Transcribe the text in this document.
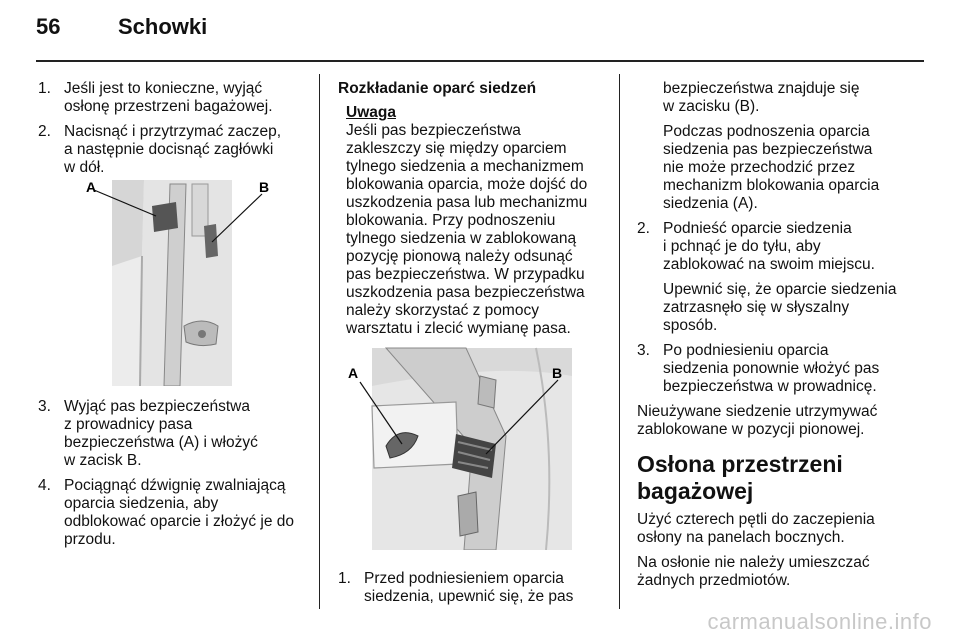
56	Schowki
1. Jeśli jest to konieczne, wyjąć
osłonę przestrzeni bagażowej.
2. Nacisnąć i przytrzymać zaczep,
a następnie docisnąć zagłówki
w dół.
A	B
3. Wyjąć pas bezpieczeństwa
z prowadnicy pasa
bezpieczeństwa (A) i włożyć
w zacisk B.
4. Pociągnąć dźwignię zwalniającą
oparcia siedzenia, aby
odblokować oparcie i złożyć je do
przodu.
Rozkładanie oparć siedzeń
Uwaga
Jeśli pas bezpieczeństwa
zakleszczy się między oparciem
tylnego siedzenia a mechanizmem
blokowania oparcia, może dojść do
uszkodzenia pasa lub mechanizmu
blokowania. Przy podnoszeniu
tylnego siedzenia w zablokowaną
pozycję pionową należy odsunąć
pas bezpieczeństwa. W przypadku
uszkodzenia pasa bezpieczeństwa
należy skorzystać z pomocy
warsztatu i zlecić wymianę pasa.
A	B
1. Przed podniesieniem oparcia
siedzenia, upewnić się, że pas
bezpieczeństwa znajduje się
w zacisku (B).
Podczas podnoszenia oparcia
siedzenia pas bezpieczeństwa
nie może przechodzić przez
mechanizm blokowania oparcia
siedzenia (A).
2. Podnieść oparcie siedzenia
i pchnąć je do tyłu, aby
zablokować na swoim miejscu.
Upewnić się, że oparcie siedzenia
zatrzasnęło się w słyszalny
sposób.
3. Po podniesieniu oparcia
siedzenia ponownie włożyć pas
bezpieczeństwa w prowadnicę.
Nieużywane siedzenie utrzymywać
zablokowane w pozycji pionowej.
Osłona przestrzeni
bagażowej
Użyć czterech pętli do zaczepienia
osłony na panelach bocznych.
Na osłonie nie należy umieszczać
żadnych przedmiotów.
carmanualsonline.info
